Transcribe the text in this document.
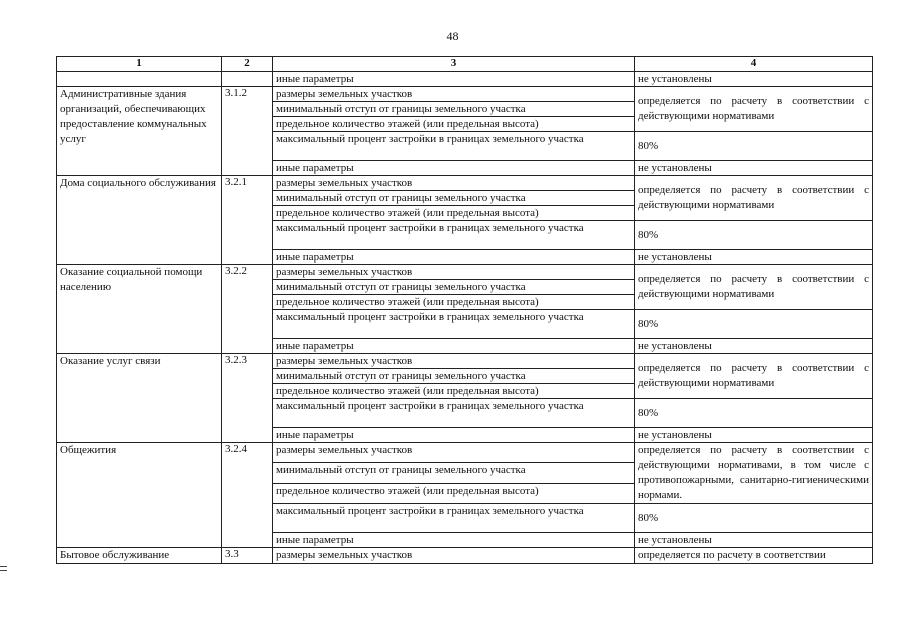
48
1	2	3	4
		иные параметры	не установлены
Административные здания организаций, обеспечивающих предоставление коммунальных услуг	3.1.2	размеры земельных участков	определяется по расчету в соответствии с действующими нормативами
		минимальный отступ от границы земельного участка	
		предельное количество этажей (или предельная высота)	
		максимальный процент застройки в границах земельного участка	80%
		иные параметры	не установлены
Дома социального обслуживания	3.2.1	размеры земельных участков	определяется по расчету в соответствии с действующими нормативами
		минимальный отступ от границы земельного участка	
		предельное количество этажей (или предельная высота)	
		максимальный процент застройки в границах земельного участка	80%
		иные параметры	не установлены
Оказание социальной помощи населению	3.2.2	размеры земельных участков	определяется по расчету в соответствии с действующими нормативами
		минимальный отступ от границы земельного участка	
		предельное количество этажей (или предельная высота)	
		максимальный процент застройки в границах земельного участка	80%
		иные параметры	не установлены
Оказание услуг связи	3.2.3	размеры земельных участков	определяется по расчету в соответствии с действующими нормативами
		минимальный отступ от границы земельного участка	
		предельное количество этажей (или предельная высота)	
		максимальный процент застройки в границах земельного участка	80%
		иные параметры	не установлены
Общежития	3.2.4	размеры земельных участков	определяется по расчету в соответствии с действующими нормативами, в том числе с противопожарными, санитарно-гигиеническими нормами.
		минимальный отступ от границы земельного участка	
		предельное количество этажей (или предельная высота)	
		максимальный процент застройки в границах земельного участка	80%
		иные параметры	не установлены
Бытовое обслуживание	3.3	размеры земельных участков	определяется по расчету в соответствии
